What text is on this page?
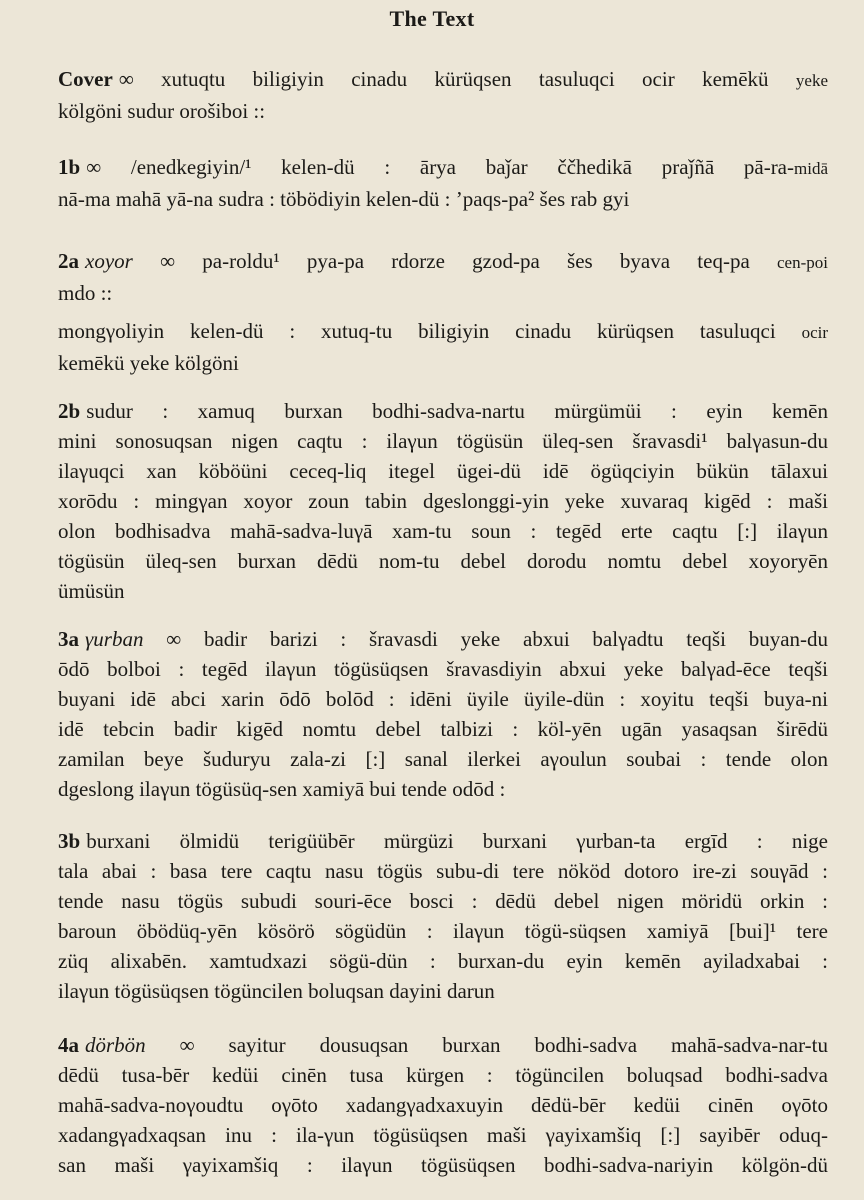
The Text
Cover ∞ xutuqtu biligiyin cinadu kürüqsen tasuluqci ocir kemēkü yeke
kölgöni sudur orošiboi ::
1b ∞ /enedkegiyin/¹ kelen-dü : ārya baǰar ččhedikā praǰñā pā-ra-midā
nā-ma mahā yā-na sudra : töbödiyin kelen-dü : ’paqs-pa² šes rab gyi
2a xoyor ∞ pa-roldu¹ pya-pa rdorze gzod-pa šes byava teq-pa cen-poi
mdo ::
mongγoliyin kelen-dü : xutuq-tu biligiyin cinadu kürüqsen tasuluqci ocir
kemēkü yeke kölgöni
2b sudur : xamuq burxan bodhi-sadva-nartu mürgümüi : eyin kemēn
mini sonosuqsan nigen caqtu : ilaγun tögüsün üleq-sen šravasdi¹ balγasun-du
ilaγuqci xan köböüni ceceq-liq itegel ügei-dü idē ögüqciyin bükün tālaxui
xorōdu : mingγan xoyor zoun tabin dgeslonggi-yin yeke xuvaraq kigēd : maši
olon bodhisadva mahā-sadva-luγā xam-tu soun : tegēd erte caqtu [:] ilaγun
tögüsün üleq-sen burxan dēdü nom-tu debel dorodu nomtu debel xoyoryēn
ümüsün
3a γurban ∞ badir barizi : šravasdi yeke abxui balγadtu teqši buyan-du
ōdō bolboi : tegēd ilaγun tögüsüqsen šravasdiyin abxui yeke balγad-ēce teqši
buyani idē abci xarin ōdō bolōd : idēni üyile üyile-dün : xoyitu teqši buya-ni
idē tebcin badir kigēd nomtu debel talbizi : köl-yēn ugān yasaqsan širēdü
zamilan beye šuduryu zala-zi [:] sanal ilerkei aγoulun soubai : tende olon
dgeslong ilaγun tögüsüq-sen xamiyā bui tende odōd :
3b burxani ölmidü terigüübēr mürgüzi burxani γurban-ta ergīd : nige
tala abai : basa tere caqtu nasu tögüs subu-di tere nököd dotoro ire-zi souγād :
tende nasu tögüs subudi souri-ēce bosci : dēdü debel nigen möridü orkin :
baroun öbödüq-yēn kösörö sögüdün : ilaγun tögü-süqsen xamiyā [bui]¹ tere
züq alixabēn. xamtudxazi sögü-dün : burxan-du eyin kemēn ayiladxabai :
ilaγun tögüsüqsen tögüncilen boluqsan dayini darun
4a dörbön ∞ sayitur dousuqsan burxan bodhi-sadva mahā-sadva-nar-tu
dēdü tusa-bēr kedüi cinēn tusa kürgen : tögüncilen boluqsad bodhi-sadva
mahā-sadva-noγoudtu oγōto xadangγadxaxuyin dēdü-bēr kedüi cinēn oγōto
xadangγadxaqsan inu : ila-γun tögüsüqsen maši γayixamšiq [:] sayibēr oduq-
san maši γayixamšiq : ilaγun tögüsüqsen bodhi-sadva-nariyin kölgön-dü
